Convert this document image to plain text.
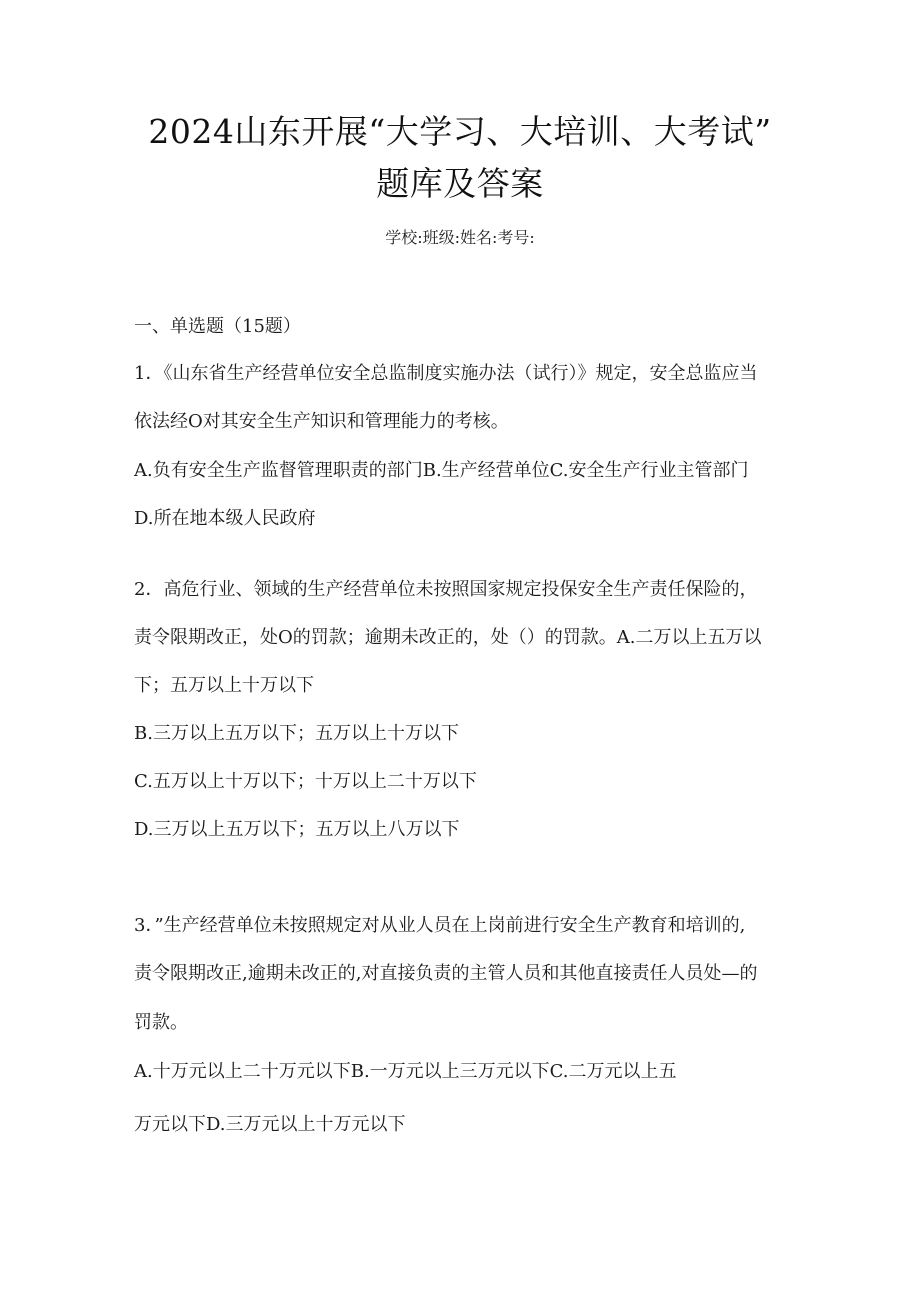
2024山东开展“大学习、大培训、大考试”
题库及答案
学校:班级:姓名:考号:
一、单选题（15题）
1．《山东省生产经营单位安全总监制度实施办法（试行）》规定，安全总监应当
依法经O对其安全生产知识和管理能力的考核。
A.负有安全生产监督管理职责的部门B.生产经营单位C.安全生产行业主管部门
D.所在地本级人民政府
2．高危行业、领域的生产经营单位未按照国家规定投保安全生产责任保险的，
责令限期改正，处O的罚款；逾期未改正的，处（）的罚款。A.二万以上五万以
下；五万以上十万以下
B.三万以上五万以下；五万以上十万以下
C.五万以上十万以下；十万以上二十万以下
D.三万以上五万以下；五万以上八万以下
3．”生产经营单位未按照规定对从业人员在上岗前进行安全生产教育和培训的,
责令限期改正,逾期未改正的,对直接负责的主管人员和其他直接责任人员处—的
罚款。
A.十万元以上二十万元以下B.一万元以上三万元以下C.二万元以上五
万元以下D.三万元以上十万元以下
